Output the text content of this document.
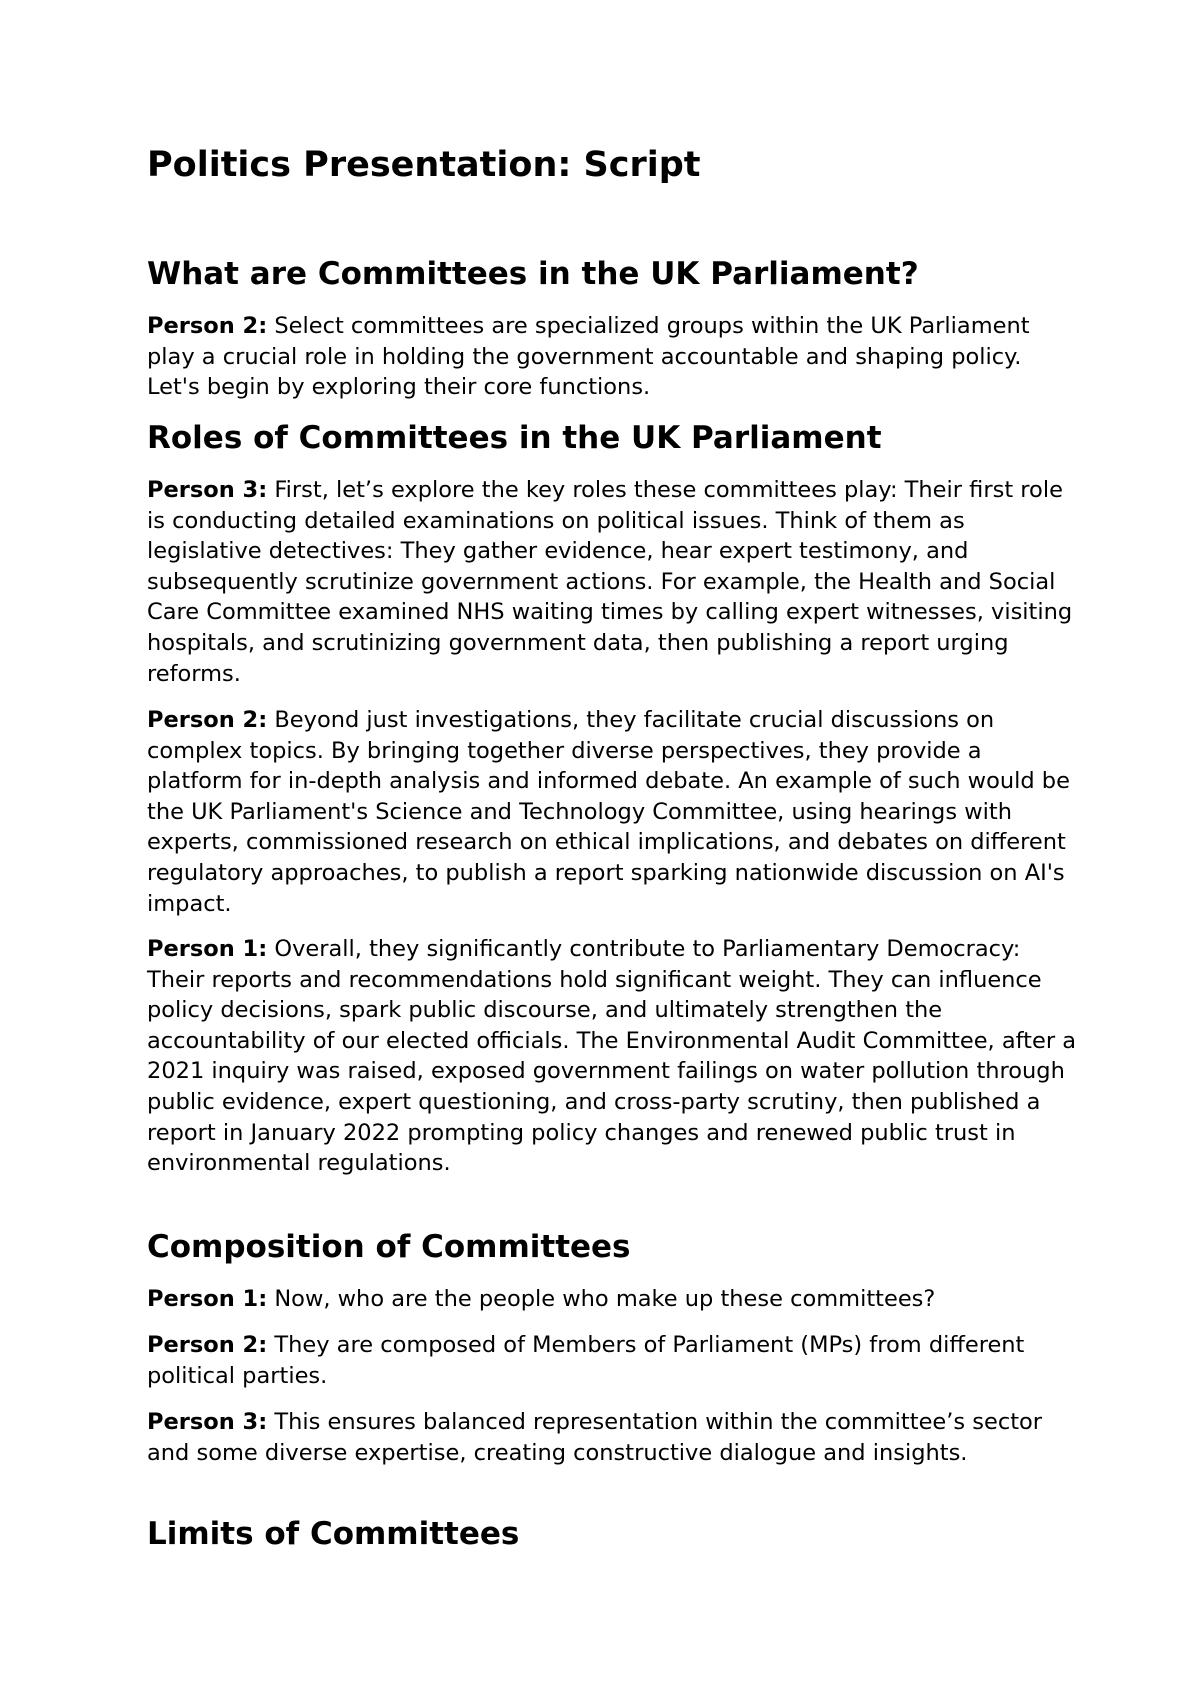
Politics Presentation: Script
What are Committees in the UK Parliament?

Person 2: Select committees are specialized groups within the UK Parliament play a crucial role in holding the government accountable and shaping policy. Let's begin by exploring their core functions.

Roles of Committees in the UK Parliament

Person 3: First, let’s explore the key roles these committees play: Their first role is conducting detailed examinations on political issues. Think of them as legislative detectives: They gather evidence, hear expert testimony, and subsequently scrutinize government actions. For example, the Health and Social Care Committee examined NHS waiting times by calling expert witnesses, visiting hospitals, and scrutinizing government data, then publishing a report urging reforms.

Person 2: Beyond just investigations, they facilitate crucial discussions on complex topics. By bringing together diverse perspectives, they provide a platform for in-depth analysis and informed debate. An example of such would be the UK Parliament's Science and Technology Committee, using hearings with experts, commissioned research on ethical implications, and debates on different regulatory approaches, to publish a report sparking nationwide discussion on AI's impact.

Person 1: Overall, they significantly contribute to Parliamentary Democracy: Their reports and recommendations hold significant weight. They can influence policy decisions, spark public discourse, and ultimately strengthen the accountability of our elected officials. The Environmental Audit Committee, after a 2021 inquiry was raised, exposed government failings on water pollution through public evidence, expert questioning, and cross-party scrutiny, then published a report in January 2022 prompting policy changes and renewed public trust in environmental regulations.

Composition of Committees

Person 1: Now, who are the people who make up these committees?

Person 2: They are composed of Members of Parliament (MPs) from different political parties.

Person 3: This ensures balanced representation within the committee’s sector and some diverse expertise, creating constructive dialogue and insights.

Limits of Committees
